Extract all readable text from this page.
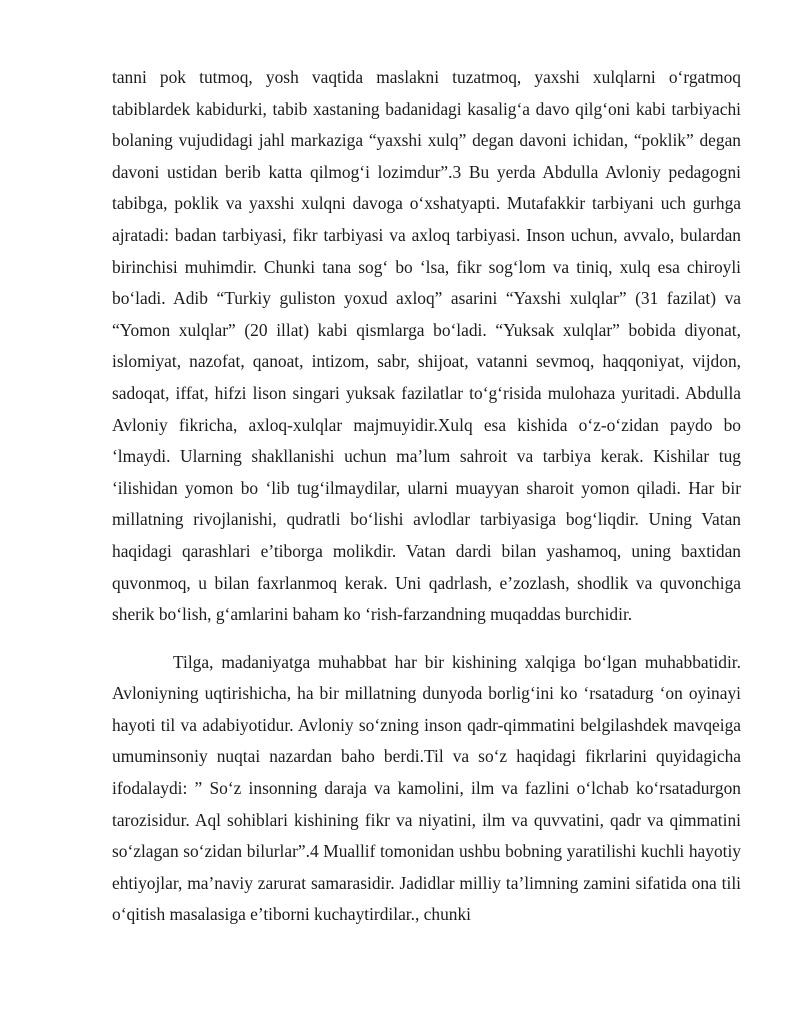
tanni pok tutmoq, yosh vaqtida maslakni tuzatmoq, yaxshi xulqlarni o‘rgatmoq tabiblardek kabidurki, tabib xastaning badanidagi kasalig‘a davo qilg‘oni kabi tarbiyachi bolaning vujudidagi jahl markaziga “yaxshi xulq” degan davoni ichidan, “poklik” degan davoni ustidan berib katta qilmog‘i lozimdur”.3 Bu yerda Abdulla Avloniy pedagogni tabibga, poklik va yaxshi xulqni davoga o‘xshatyapti. Mutafakkir tarbiyani uch gurhga ajratadi: badan tarbiyasi, fikr tarbiyasi va axloq tarbiyasi. Inson uchun, avvalo, bulardan birinchisi muhimdir. Chunki tana sog‘ bo ‘lsa, fikr sog‘lom va tiniq, xulq esa chiroyli bo‘ladi. Adib “Turkiy guliston yoxud axloq” asarini “Yaxshi xulqlar” (31 fazilat) va “Yomon xulqlar” (20 illat) kabi qismlarga bo‘ladi. “Yuksak xulqlar” bobida diyonat, islomiyat, nazofat, qanoat, intizom, sabr, shijoat, vatanni sevmoq, haqqoniyat, vijdon, sadoqat, iffat, hifzi lison singari yuksak fazilatlar to‘g‘risida mulohaza yuritadi. Abdulla Avloniy fikricha, axloq-xulqlar majmuyidir.Xulq esa kishida o‘z-o‘zidan paydo bo ‘lmaydi. Ularning shakllanishi uchun ma’lum sahroit va tarbiya kerak. Kishilar tug ‘ilishidan yomon bo ‘lib tug‘ilmaydilar, ularni muayyan sharoit yomon qiladi. Har bir millatning rivojlanishi, qudratli bo‘lishi avlodlar tarbiyasiga bog‘liqdir. Uning Vatan haqidagi qarashlari e’tiborga molikdir. Vatan dardi bilan yashamoq, uning baxtidan quvonmoq, u bilan faxrlanmoq kerak. Uni qadrlash, e’zozlash, shodlik va quvonchiga sherik bo‘lish, g‘amlarini baham ko ‘rish-farzandning muqaddas burchidir.

Tilga, madaniyatga muhabbat har bir kishining xalqiga bo‘lgan muhabbatidir. Avloniyning uqtirishicha, ha bir millatning dunyoda borlig‘ini ko ‘rsatadurg ‘on oyinayi hayoti til va adabiyotidur. Avloniy so‘zning inson qadr-qimmatini belgilashdek mavqeiga umuminsoniy nuqtai nazardan baho berdi.Til va so‘z haqidagi fikrlarini quyidagicha ifodalaydi: ” So‘z insonning daraja va kamolini, ilm va fazlini o‘lchab ko‘rsatadurgon tarozisidur. Aql sohiblari kishining fikr va niyatini, ilm va quvvatini, qadr va qimmatini so‘zlagan so‘zidan bilurlar”.4 Muallif tomonidan ushbu bobning yaratilishi kuchli hayotiy ehtiyojlar, ma’naviy zarurat samarasidir. Jadidlar milliy ta’limning zamini sifatida ona tili o‘qitish masalasiga e’tiborni kuchaytirdilar., chunki
